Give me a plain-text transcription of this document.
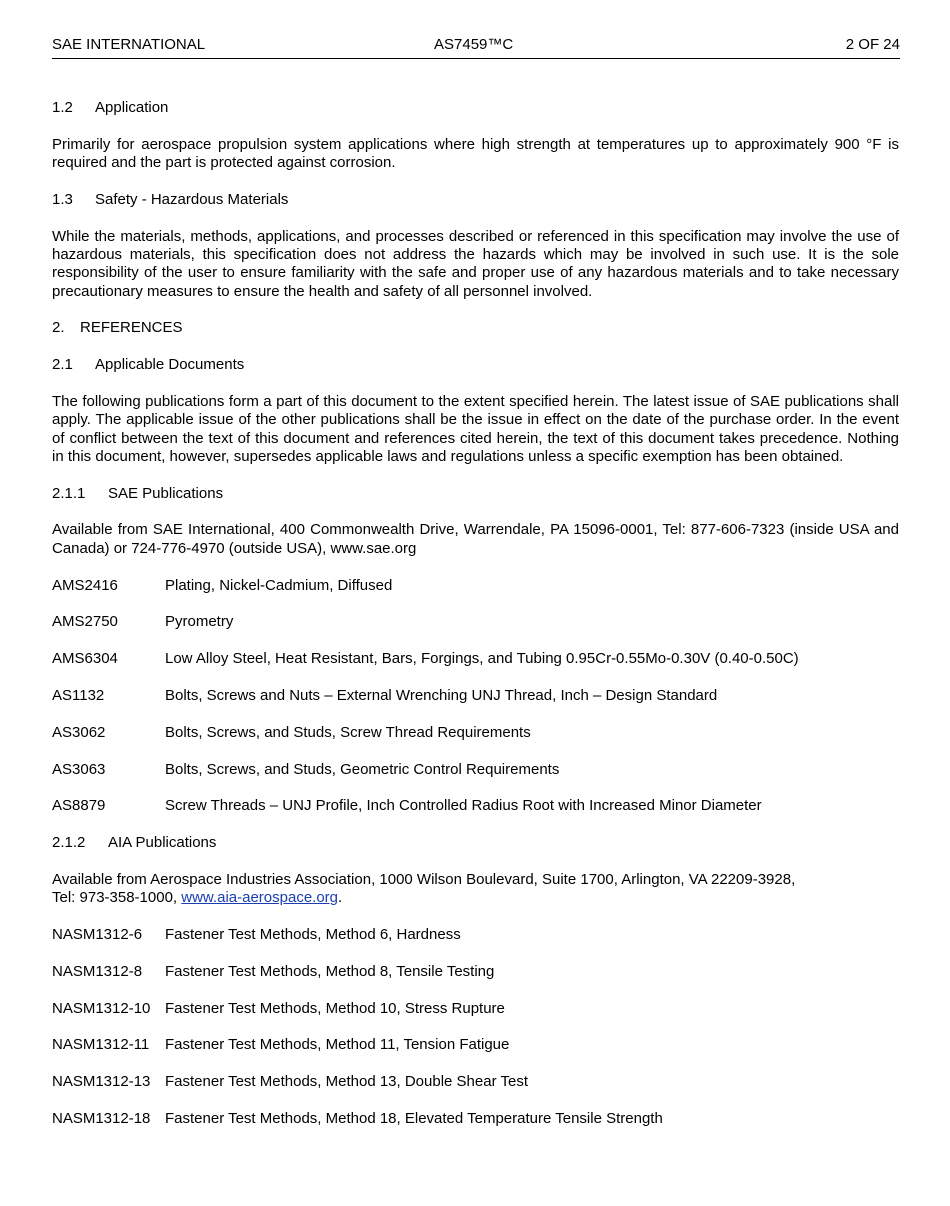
SAE INTERNATIONAL	AS7459™C	2 OF 24
1.2 Application
Primarily for aerospace propulsion system applications where high strength at temperatures up to approximately 900 °F is required and the part is protected against corrosion.
1.3 Safety - Hazardous Materials
While the materials, methods, applications, and processes described or referenced in this specification may involve the use of hazardous materials, this specification does not address the hazards which may be involved in such use. It is the sole responsibility of the user to ensure familiarity with the safe and proper use of any hazardous materials and to take necessary precautionary measures to ensure the health and safety of all personnel involved.
2. REFERENCES
2.1 Applicable Documents
The following publications form a part of this document to the extent specified herein. The latest issue of SAE publications shall apply. The applicable issue of the other publications shall be the issue in effect on the date of the purchase order. In the event of conflict between the text of this document and references cited herein, the text of this document takes precedence. Nothing in this document, however, supersedes applicable laws and regulations unless a specific exemption has been obtained.
2.1.1 SAE Publications
Available from SAE International, 400 Commonwealth Drive, Warrendale, PA 15096-0001, Tel: 877-606-7323 (inside USA and Canada) or 724-776-4970 (outside USA), www.sae.org
AMS2416	Plating, Nickel-Cadmium, Diffused
AMS2750	Pyrometry
AMS6304	Low Alloy Steel, Heat Resistant, Bars, Forgings, and Tubing 0.95Cr-0.55Mo-0.30V (0.40-0.50C)
AS1132	Bolts, Screws and Nuts – External Wrenching UNJ Thread, Inch – Design Standard
AS3062	Bolts, Screws, and Studs, Screw Thread Requirements
AS3063	Bolts, Screws, and Studs, Geometric Control Requirements
AS8879	Screw Threads – UNJ Profile, Inch Controlled Radius Root with Increased Minor Diameter
2.1.2 AIA Publications
Available from Aerospace Industries Association, 1000 Wilson Boulevard, Suite 1700, Arlington, VA 22209-3928,
Tel: 973-358-1000, www.aia-aerospace.org.
NASM1312-6 Fastener Test Methods, Method 6, Hardness
NASM1312-8 Fastener Test Methods, Method 8, Tensile Testing
NASM1312-10 Fastener Test Methods, Method 10, Stress Rupture
NASM1312-11 Fastener Test Methods, Method 11, Tension Fatigue
NASM1312-13 Fastener Test Methods, Method 13, Double Shear Test
NASM1312-18 Fastener Test Methods, Method 18, Elevated Temperature Tensile Strength
